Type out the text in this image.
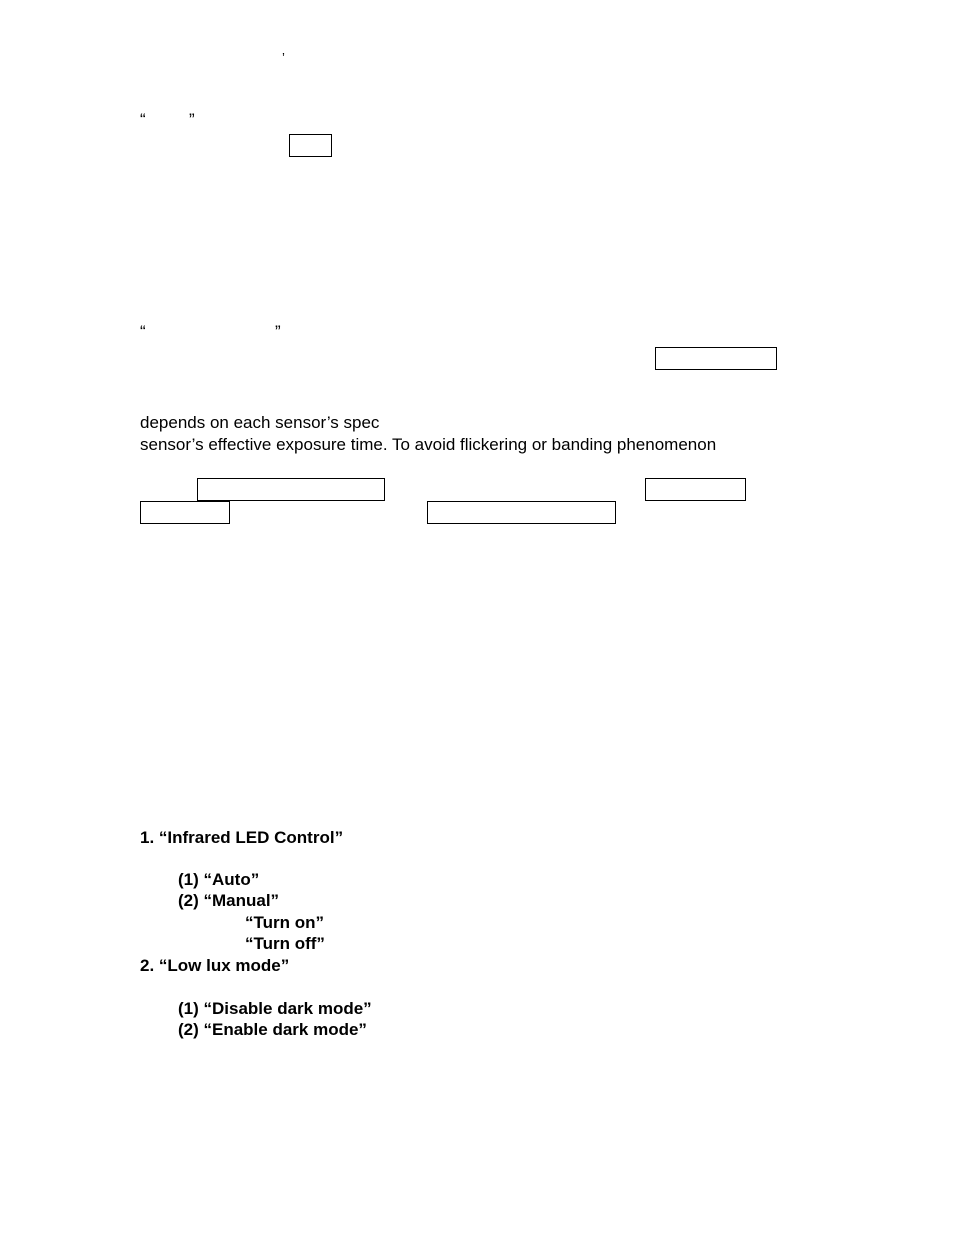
’
“	”
“	”
depends on each sensor’s spec
sensor’s effective exposure time. To avoid flickering or banding phenomenon
1. “Infrared LED Control”
(1) “Auto”
(2) “Manual”
“Turn on”
“Turn off”
2. “Low lux mode”
(1) “Disable dark mode”
(2) “Enable dark mode”
